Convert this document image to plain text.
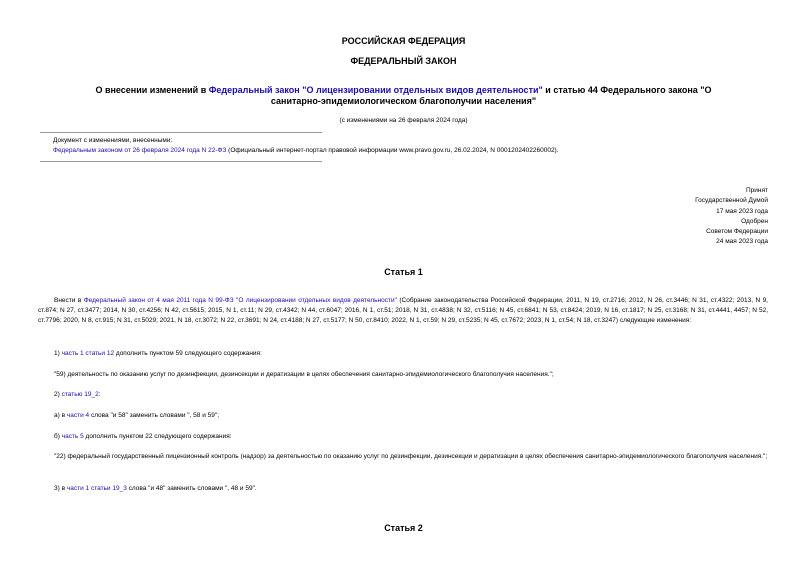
РОССИЙСКАЯ ФЕДЕРАЦИЯ
ФЕДЕРАЛЬНЫЙ ЗАКОН
О внесении изменений в Федеральный закон "О лицензировании отдельных видов деятельности" и статью 44 Федерального закона "О санитарно-эпидемиологическом благополучии населения"
(с изменениями на 26 февраля 2024 года)
Документ с изменениями, внесенными:
Федеральным законом от 26 февраля 2024 года N 22-ФЗ (Официальный интернет-портал правовой информации www.pravo.gov.ru, 26.02.2024, N 0001202402260002).
Принят
Государственной Думой
17 мая 2023 года
Одобрен
Советом Федерации
24 мая 2023 года
Статья 1
Внести в Федеральный закон от 4 мая 2011 года N 99-ФЗ "О лицензировании отдельных видов деятельности" (Собрание законодательства Российской Федерации, 2011, N 19, ст.2716; 2012, N 26, ст.3446; N 31, ст.4322; 2013, N 9, ст.874; N 27, ст.3477; 2014, N 30, ст.4256; N 42, ст.5615; 2015, N 1, ст.11; N 29, ст.4342; N 44, ст.6047; 2016, N 1, ст.51; 2018, N 31, ст.4838; N 32, ст.5116; N 45, ст.6841; N 53, ст.8424; 2019, N 16, ст.1817; N 25, ст.3168; N 31, ст.4441, 4457; N 52, ст.7796; 2020, N 8, ст.915; N 31, ст.5029; 2021, N 18, ст.3072; N 22, ст.3691; N 24, ст.4188; N 27, ст.5177; N 50, ст.8410; 2022, N 1, ст.59; N 29, ст.5235; N 45, ст.7672; 2023, N 1, ст.54; N 18, ст.3247) следующие изменения:
1) часть 1 статьи 12 дополнить пунктом 59 следующего содержания:
"59) деятельность по оказанию услуг по дезинфекции, дезинсекции и дератизации в целях обеспечения санитарно-эпидемиологического благополучия населения.";
2) статью 19_2:
а) в части 4 слова "и 58" заменить словами ", 58 и 59";
б) часть 5 дополнить пунктом 22 следующего содержания:
"22) федеральный государственный лицензионный контроль (надзор) за деятельностью по оказанию услуг по дезинфекции, дезинсекции и дератизации в целях обеспечения санитарно-эпидемиологического благополучия населения.";
3) в части 1 статьи 19_3 слова "и 48" заменить словами ", 48 и 59".
Статья 2
